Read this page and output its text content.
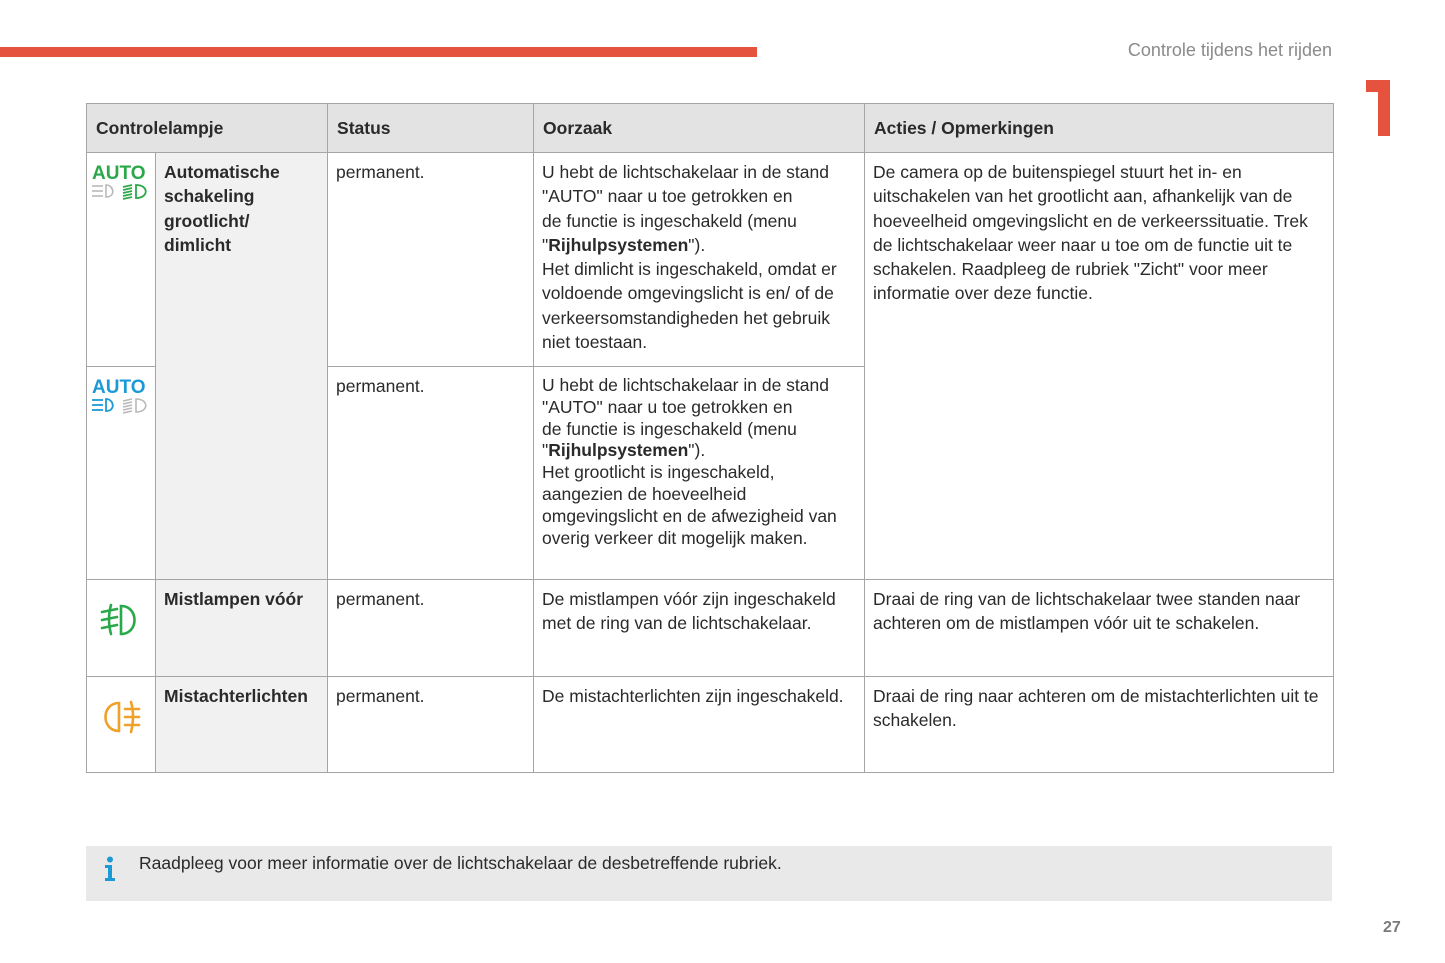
Controle tijdens het rijden
Controlelampje		Status	Oorzaak	Acties / Opmerkingen

AUTO	Automatische schakeling grootlicht/ dimlicht	permanent.	U hebt de lichtschakelaar in de stand
"AUTO" naar u toe getrokken en
de functie is ingeschakeld (menu
"Rijhulpsystemen").
Het dimlicht is ingeschakeld, omdat er voldoende omgevingslicht is en/ of de verkeersomstandigheden het gebruik niet toestaan.	De camera op de buitenspiegel stuurt het in- en uitschakelen van het grootlicht aan, afhankelijk van de hoeveelheid omgevingslicht en de verkeerssituatie. Trek de lichtschakelaar weer naar u toe om de functie uit te schakelen. Raadpleeg de rubriek "Zicht" voor meer informatie over deze functie.

AUTO		permanent.	U hebt de lichtschakelaar in de stand
"AUTO" naar u toe getrokken en
de functie is ingeschakeld (menu
"Rijhulpsystemen").
Het grootlicht is ingeschakeld, aangezien de hoeveelheid omgevingslicht en de afwezigheid van overig verkeer dit mogelijk maken.	

	Mistlampen vóór	permanent.	De mistlampen vóór zijn ingeschakeld met de ring van de lichtschakelaar.	Draai de ring van de lichtschakelaar twee standen naar achteren om de mistlampen vóór uit te schakelen.

	Mistachterlichten	permanent.	De mistachterlichten zijn ingeschakeld.	Draai de ring naar achteren om de mistachterlichten uit te schakelen.
Raadpleeg voor meer informatie over de lichtschakelaar de desbetreffende rubriek.
27
